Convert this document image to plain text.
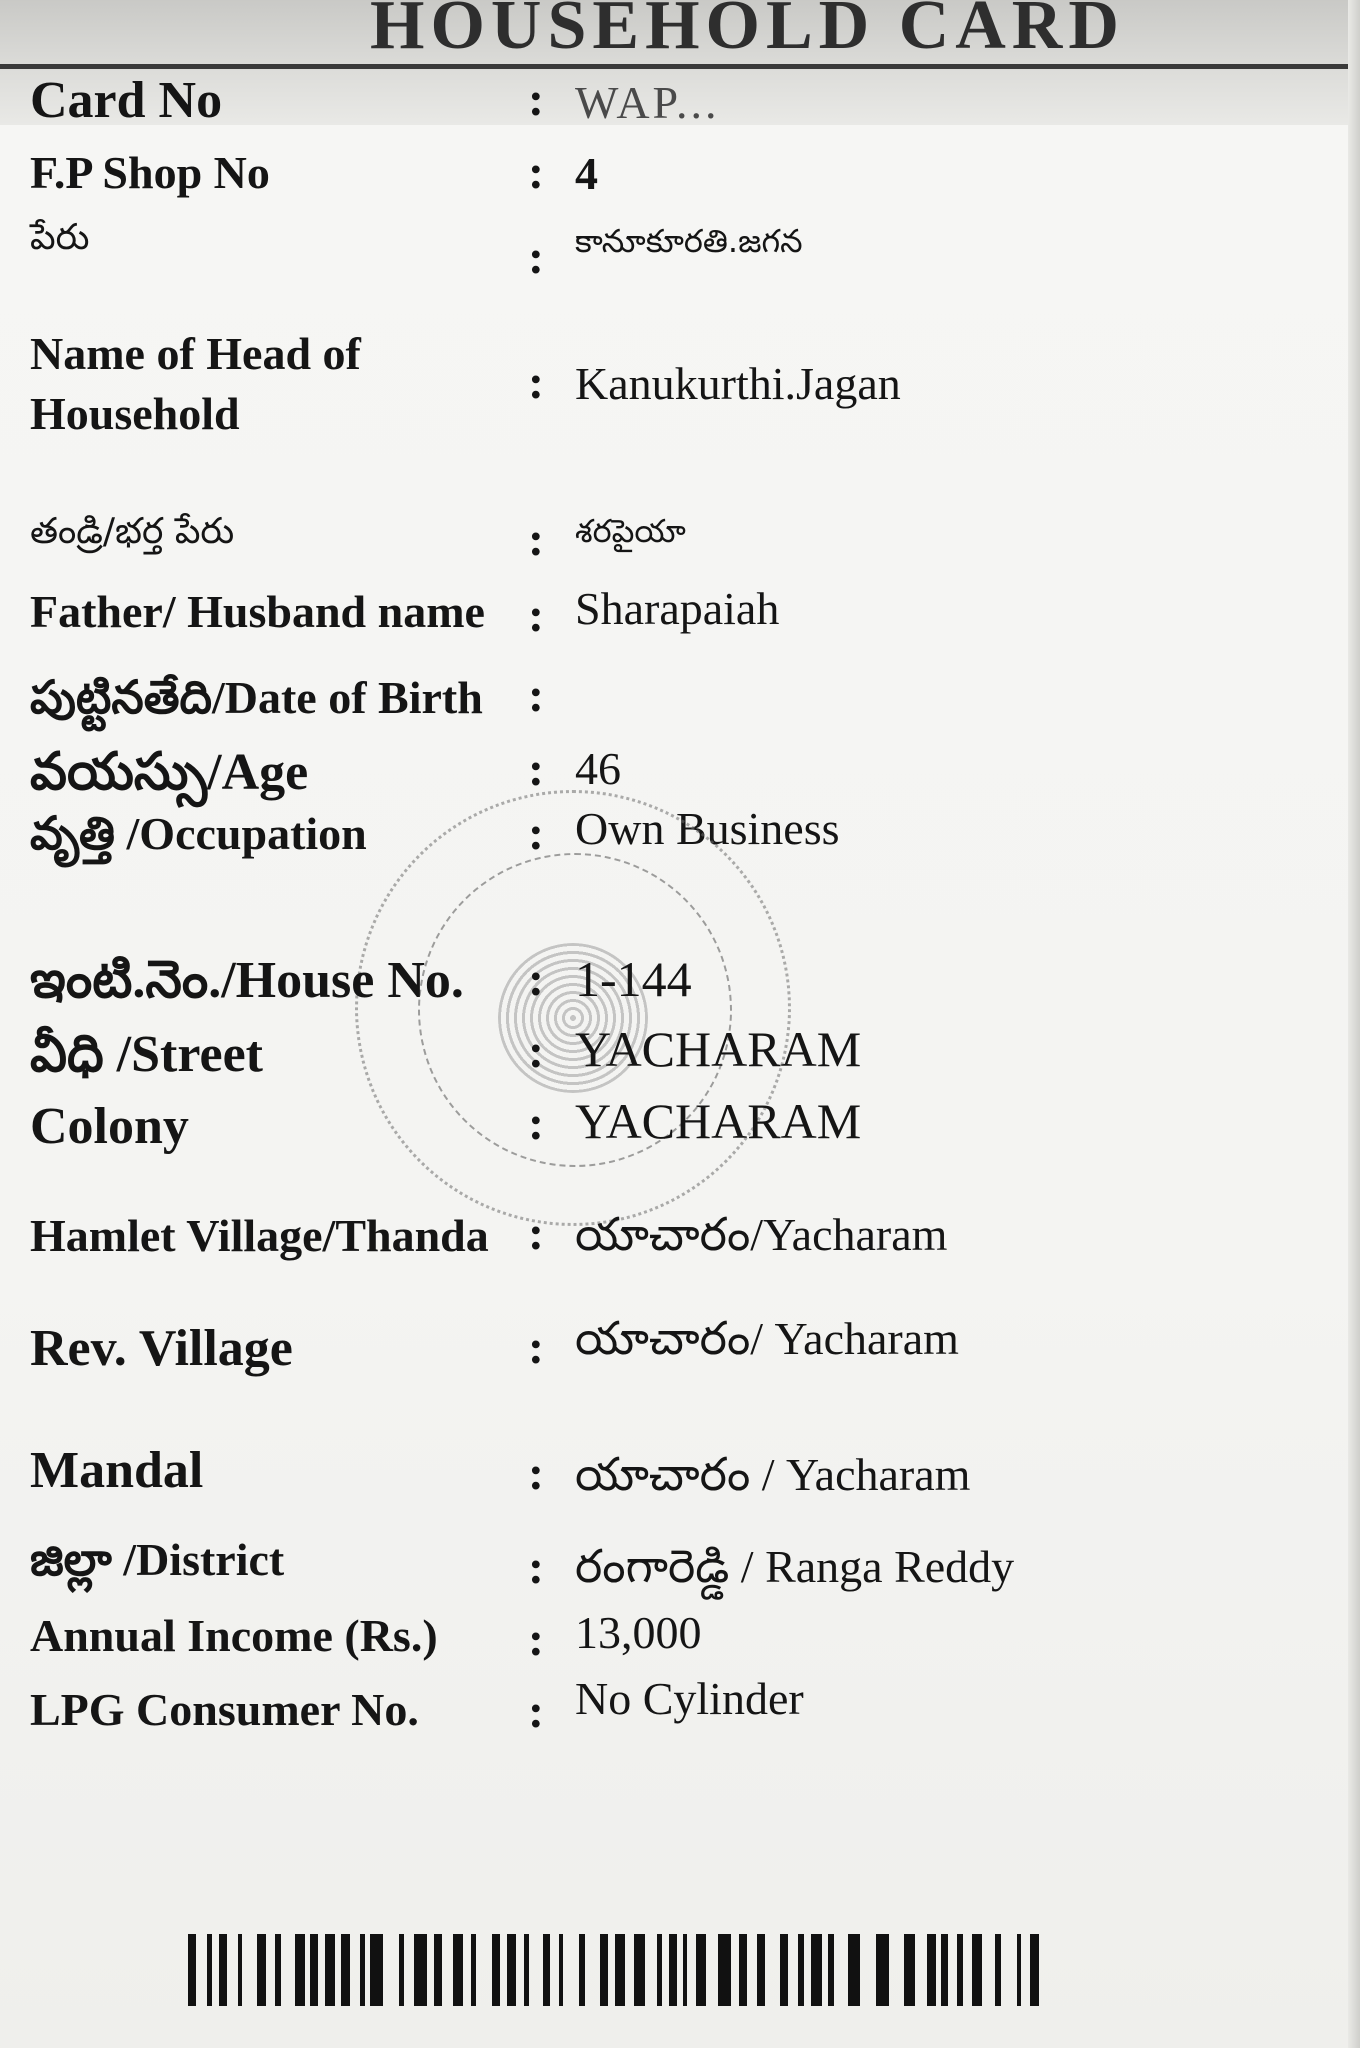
HOUSEHOLD CARD
Card No	: WAP...
F.P Shop No	: 4
పేరు	: కానూకూరతి.జగన
Name of Head of
Household
: Kanukurthi.Jagan
తండ్రి/భర్త పేరు	: శరపైయా
Father/ Husband name : Sharapaiah
పుట్టినతేది/Date of Birth :
వయస్సు/Age	: 46
వృత్తి /Occupation	: Own Business
ఇంటి.నెం./House No. : 1-144
వీధి /Street	: YACHARAM
Colony	: YACHARAM
Hamlet Village/Thanda : యాచారం/Yacharam
Rev. Village	: యాచారం/ Yacharam
Mandal	: యాచారం / Yacharam
జిల్లా /District	: రంగారెడ్డి / Ranga Reddy
Annual Income (Rs.) : 13,000
LPG Consumer No. : No Cylinder
